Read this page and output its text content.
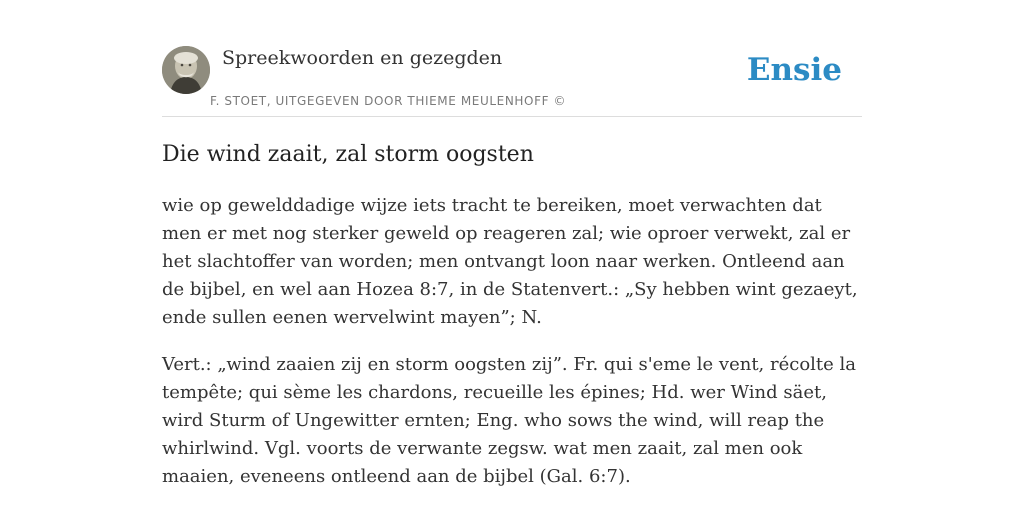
Spreekwoorden en gezegden
F. STOET, UITGEGEVEN DOOR THIEME MEULENHOFF ©
Ensie
Die wind zaait, zal storm oogsten

wie op gewelddadige wijze iets tracht te bereiken, moet verwachten dat men er met nog sterker geweld op reageren zal; wie oproer verwekt, zal er het slachtoffer van worden; men ontvangt loon naar werken. Ontleend aan de bijbel, en wel aan Hozea 8:7, in de Statenvert.: „Sy hebben wint gezaeyt, ende sullen eenen wervelwint mayen”; N.

Vert.: „wind zaaien zij en storm oogsten zij”. Fr. qui s'eme le vent, récolte la tempête; qui sème les chardons, recueille les épines; Hd. wer Wind säet, wird Sturm of Ungewitter ernten; Eng. who sows the wind, will reap the whirlwind. Vgl. voorts de verwante zegsw. wat men zaait, zal men ook maaien, eveneens ontleend aan de bijbel (Gal. 6:7).
